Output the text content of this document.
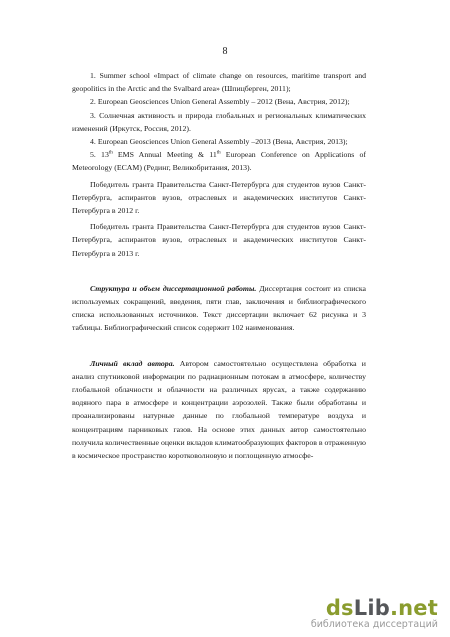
8

1. Summer school «Impact of climate change on resources, maritime transport and geopolitics in the Arctic and the Svalbard area» (Шпицберген, 2011);

2. European Geosciences Union General Assembly – 2012 (Вена, Австрия, 2012);

3. Солнечная активность и природа глобальных и региональных климатических изменений (Иркутск, Россия, 2012).

4. European Geosciences Union General Assembly –2013 (Вена, Австрия, 2013);

5. 13th EMS Annual Meeting & 11th European Conference on Applications of Meteorology (ECAM) (Рединг, Великобритания, 2013).

Победитель гранта Правительства Санкт-Петербурга для студентов вузов Санкт-Петербурга, аспирантов вузов, отраслевых и академических институтов Санкт-Петербурга в 2012 г.

Победитель гранта Правительства Санкт-Петербурга для студентов вузов Санкт-Петербурга, аспирантов вузов, отраслевых и академических институтов Санкт-Петербурга в 2013 г.

Структура и объем диссертационной работы. Диссертация состоит из списка используемых сокращений, введения, пяти глав, заключения и библиографического списка использованных источников. Текст диссертации включает 62 рисунка и 3 таблицы. Библиографический список содержит 102 наименования.

Личный вклад автора. Автором самостоятельно осуществлена обработка и анализ спутниковой информации по радиационным потокам в атмосфере, количеству глобальной облачности и облачности на различных ярусах, а также содержанию водяного пара в атмосфере и концентрации аэрозолей. Также были обработаны и проанализированы натурные данные по глобальной температуре воздуха и концентрациям парниковых газов. На основе этих данных автор самостоятельно получила количественные оценки вкладов климатообразующих факторов в отраженную в космическое пространство коротковолновую и поглощенную атмосфе-

dsLib.net
библиотека диссертаций
